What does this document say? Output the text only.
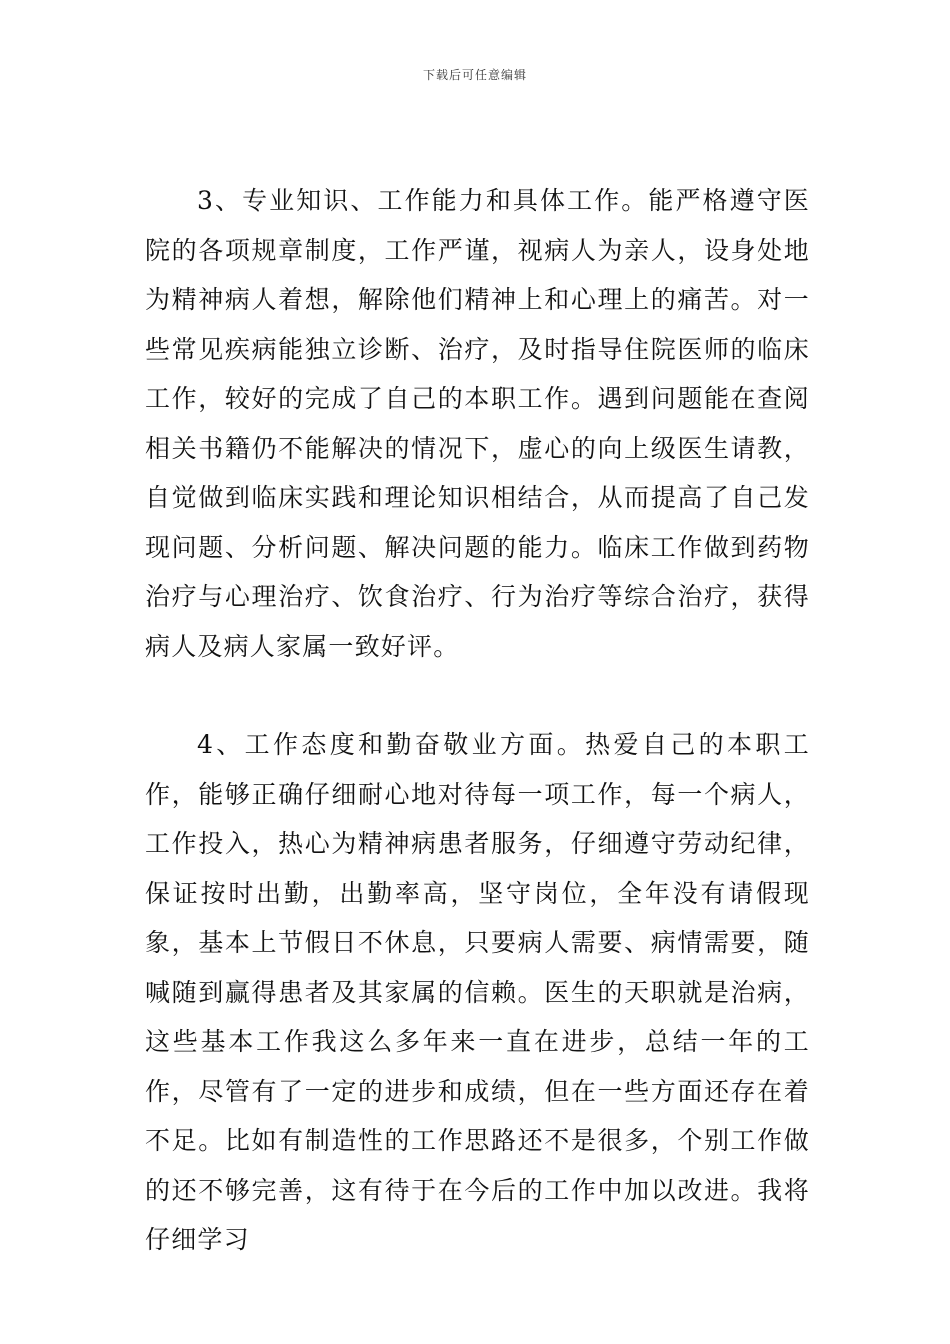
下载后可任意编辑

3、专业知识、工作能力和具体工作。能严格遵守医院的各项规章制度，工作严谨，视病人为亲人，设身处地为精神病人着想，解除他们精神上和心理上的痛苦。对一些常见疾病能独立诊断、治疗，及时指导住院医师的临床工作，较好的完成了自己的本职工作。遇到问题能在查阅相关书籍仍不能解决的情况下，虚心的向上级医生请教，自觉做到临床实践和理论知识相结合，从而提高了自己发现问题、分析问题、解决问题的能力。临床工作做到药物治疗与心理治疗、饮食治疗、行为治疗等综合治疗，获得病人及病人家属一致好评。

4、工作态度和勤奋敬业方面。热爱自己的本职工作，能够正确仔细耐心地对待每一项工作，每一个病人，工作投入，热心为精神病患者服务，仔细遵守劳动纪律，保证按时出勤，出勤率高，坚守岗位，全年没有请假现象，基本上节假日不休息，只要病人需要、病情需要，随喊随到赢得患者及其家属的信赖。医生的天职就是治病，这些基本工作我这么多年来一直在进步，总结一年的工作，尽管有了一定的进步和成绩，但在一些方面还存在着不足。比如有制造性的工作思路还不是很多，个别工作做的还不够完善，这有待于在今后的工作中加以改进。我将仔细学习
